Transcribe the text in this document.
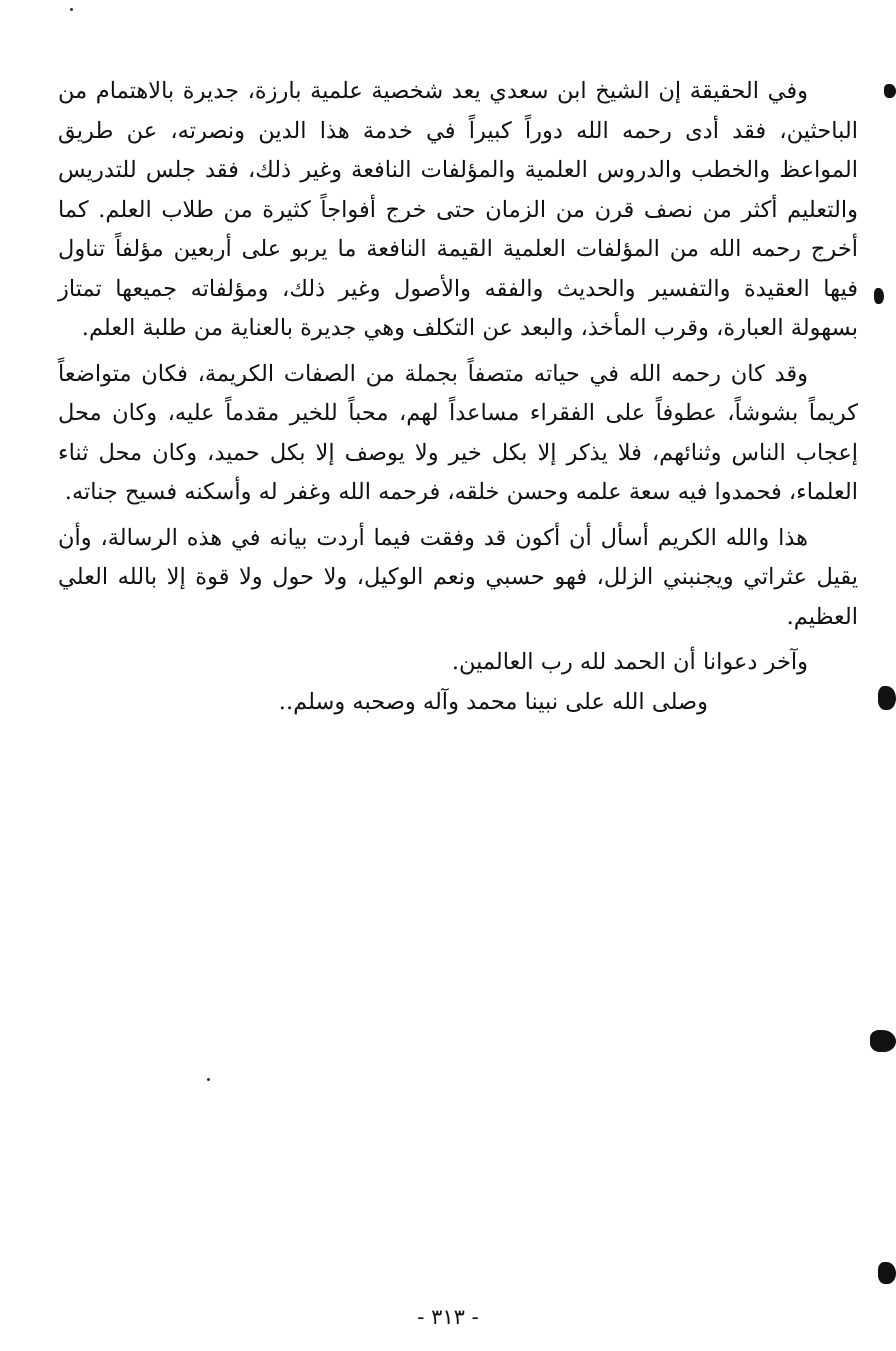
وفي الحقيقة إن الشيخ ابن سعدي يعد شخصية علمية بارزة، جديرة بالاهتمام من الباحثين، فقد أدى رحمه الله دوراً كبيراً في خدمة هذا الدين ونصرته، عن طريق المواعظ والخطب والدروس العلمية والمؤلفات النافعة وغير ذلك، فقد جلس للتدريس والتعليم أكثر من نصف قرن من الزمان حتى خرج أفواجاً كثيرة من طلاب العلم. كما أخرج رحمه الله من المؤلفات العلمية القيمة النافعة ما يربو على أربعين مؤلفاً تناول فيها العقيدة والتفسير والحديث والفقه والأصول وغير ذلك، ومؤلفاته جميعها تمتاز بسهولة العبارة، وقرب المأخذ، والبعد عن التكلف وهي جديرة بالعناية من طلبة العلم.

وقد كان رحمه الله في حياته متصفاً بجملة من الصفات الكريمة، فكان متواضعاً كريماً بشوشاً، عطوفاً على الفقراء مساعداً لهم، محباً للخير مقدماً عليه، وكان محل إعجاب الناس وثنائهم، فلا يذكر إلا بكل خير ولا يوصف إلا بكل حميد، وكان محل ثناء العلماء، فحمدوا فيه سعة علمه وحسن خلقه، فرحمه الله وغفر له وأسكنه فسيح جناته.

هذا والله الكريم أسأل أن أكون قد وفقت فيما أردت بيانه في هذه الرسالة، وأن يقيل عثراتي ويجنبني الزلل، فهو حسبي ونعم الوكيل، ولا حول ولا قوة إلا بالله العلي العظيم.

وآخر دعوانا أن الحمد لله رب العالمين.

وصلى الله على نبينا محمد وآله وصحبه وسلم..

- ٣١٣ -
